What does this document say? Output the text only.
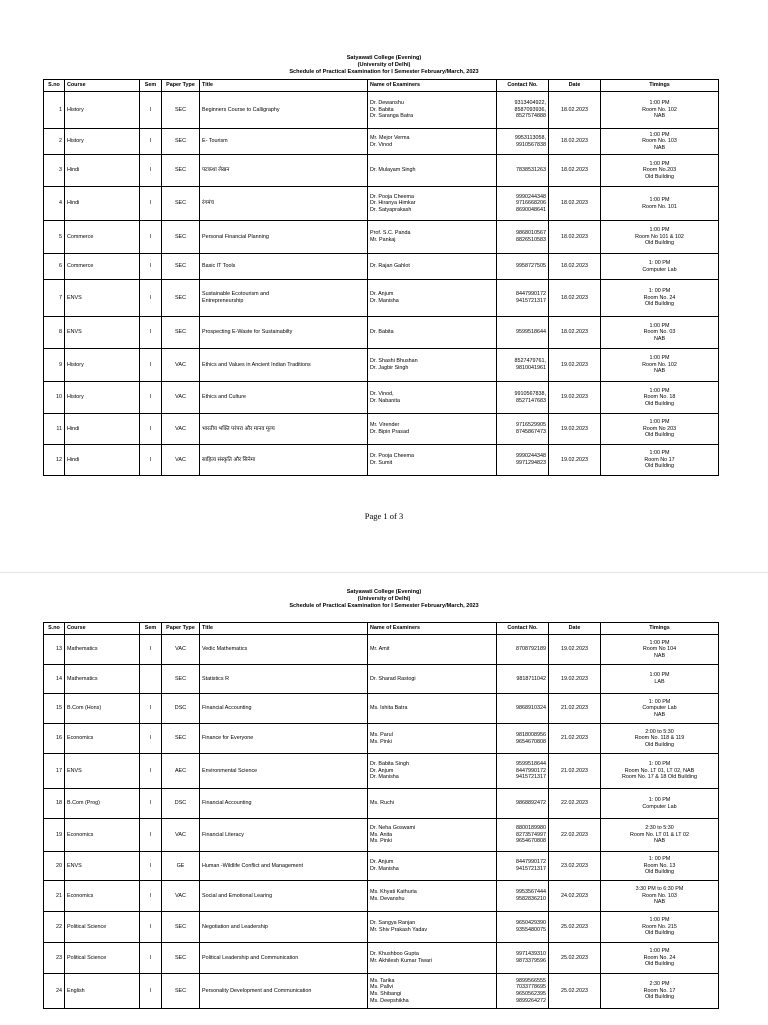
Satyawati College (Evening)
(University of Delhi)
Schedule of Practical Examination for I Semester February/March, 2023
S.no	Course	Sem	Paper Type	Title	Name of Examiners	Contact No.	Date	Timings
1	History	I	SEC	Beginners Course to Calligraphy	Dr. Dewanshu
Dr. Babita
Dr. Saranga Batra	9313404922,
8587093936,
8527574888	18.02.2023	1:00 PM
Room No. 102
NAB

2	History	I	SEC	E- Tourism	Mr. Mejor Verma
Dr. Vinod	9953113058,
9910567838	18.02.2023	1:00 PM
Room No. 103
NAB

3	Hindi	I	SEC	पटकथा लेखन	Dr. Mulayam Singh	7838531263	18.02.2023	1:00 PM
Room No.203
Old Building

4	Hindi	I	SEC	रंगमंच	Dr. Pooja Cheema
Dr. Hiranya Himkar
Dr. Satyaprakash	9990244348
9716668206
8690048641	18.02.2023	1:00 PM
Room No. 101

5	Commerce	I	SEC	Personal Financial Planning	Prof. S.C. Panda
Mr. Pankaj	9868010567
8826510583	18.02.2023	1:00 PM
Room No 101 & 102
Old Building

6	Commerce	I	SEC	Basic IT Tools	Dr. Rajan Gahlot	9958727505	18.02.2023	1: 00 PM
Computer Lab

7	ENVS	I	SEC	Sustainable Ecotourism and
Entrepreneurship	Dr. Anjum
Dr. Manisha	8447990172
9415721317	18.02.2023	1: 00 PM
Room No. 24
Old Building

8	ENVS	I	SEC	Prospecting E-Waste for Sustainabilty	Dr. Babita	9599518644	18.02.2023	1:00 PM
Room No. 03
NAB

9	History	I	VAC	Ethics and Values in Ancient Indian Traditions	Dr. Shashi Bhushan
Dr. Jagbir Singh	8527479761,
9810041961	19.02.2023	1:00 PM
Room No. 102
NAB

10	History	I	VAC	Ethics and Culture	Dr. Vinod,
Dr. Nabanita	9910567838,
8527147683	19.02.2023	1:00 PM
Room No. 18
Old Building

11	Hindi	I	VAC	भारतीय भक्ति परंपरा और मानव मूल्य	Mr. Virender
Dr. Bipin Prasad	9716529905
8745867473	19.02.2023	1:00 PM
Room No 203
Old Building

12	Hindi	I	VAC	साहित्य संस्कृति और सिनेमा	Dr. Pooja Cheema
Dr. Sumit	9990244348
9971294823	19.02.2023	1:00 PM
Room No 17
Old Building
Page 1 of 3
Satyawati College (Evening)
(University of Delhi)
Schedule of Practical Examination for I Semester February/March, 2023
S.no	Course	Sem	Paper Type	Title	Name of Examiners	Contact No.	Date	Timings
13	Mathematics	I	VAC	Vedic Mathematics	Mr. Amit	8708792189	19.02.2023	1:00 PM
Room No 104
NAB

14	Mathematics		SEC	Statistics R	Dr. Sharad Rastogi	9818711042	19.02.2023	1:00 PM
LAB

15	B.Com (Hons)	I	DSC	Financial Accounting	Ms. Ishita Batra	9868910324	21.02.2023	1: 00 PM
Computer Lab
NAB

16	Economics	I	SEC	Finance for Everyone	Ms. Parul
Ms. Pinki	9818008956
9654670808	21.02.2023	2:00 to 5:30
Room No. 118 & 119
Old Building

17	ENVS	I	AEC	Environmental Science	Dr. Babita Singh
Dr. Anjum
Dr. Manisha	9599518644
8447990172
9415721317	21.02.2023	1: 00 PM
Room No. LT 01, LT 02, NAB
Room No. 17 & 18 Old Building

18	B.Com (Prog)	I	DSC	Financial Accounting	Ms. Ruchi	9868892472	22.02.2023	1: 00 PM
Computer Lab

19	Economics	I	VAC	Financial Literacy	Dr. Neha Goswami
Ms. Anita
Ms. Pinki	8800189980
8273574997
9654670808	22.02.2023	2:30 to 5:30
Room No. LT 01 & LT 02
NAB

20	ENVS	I	GE	Human -Wildlife Conflict and Management	Dr. Anjum
Dr. Manisha	8447990172
9415721317	23.02.2023	1: 00 PM
Room No. 13
Old Building

21	Economics	I	VAC	Social and Emotional Learing	Ms. Khyati Kathuria
Ms. Devanshu	9953567444
9582836210	24.02.2023	3:30 PM to 6:30 PM
Room No. 103
NAB

22	Political Science	I	SEC	Negotiation and Leadership	Dr. Sangya Ranjan
Mr. Shiv Prakash Yadav	9650429390
9355480075	25.02.2023	1:00 PM
Room No. 215
Old Building

23	Political Science	I	SEC	Political Leadership and Communication	Dr. Khushboo Gupta
Mr. Akhilesh Kumar Tiwari	9971439310
9873379596	25.02.2023	1:00 PM
Room No. 24
Old Building

24	English	I	SEC	Personality Development and Communication	Ms. Tarika
Ms. Pallvi
Ms. Shibangi
Ms. Deepshikha	9899566555
7033778695
9650562395
9899264272	25.02.2023	2:30 PM
Room No. 17
Old Building
